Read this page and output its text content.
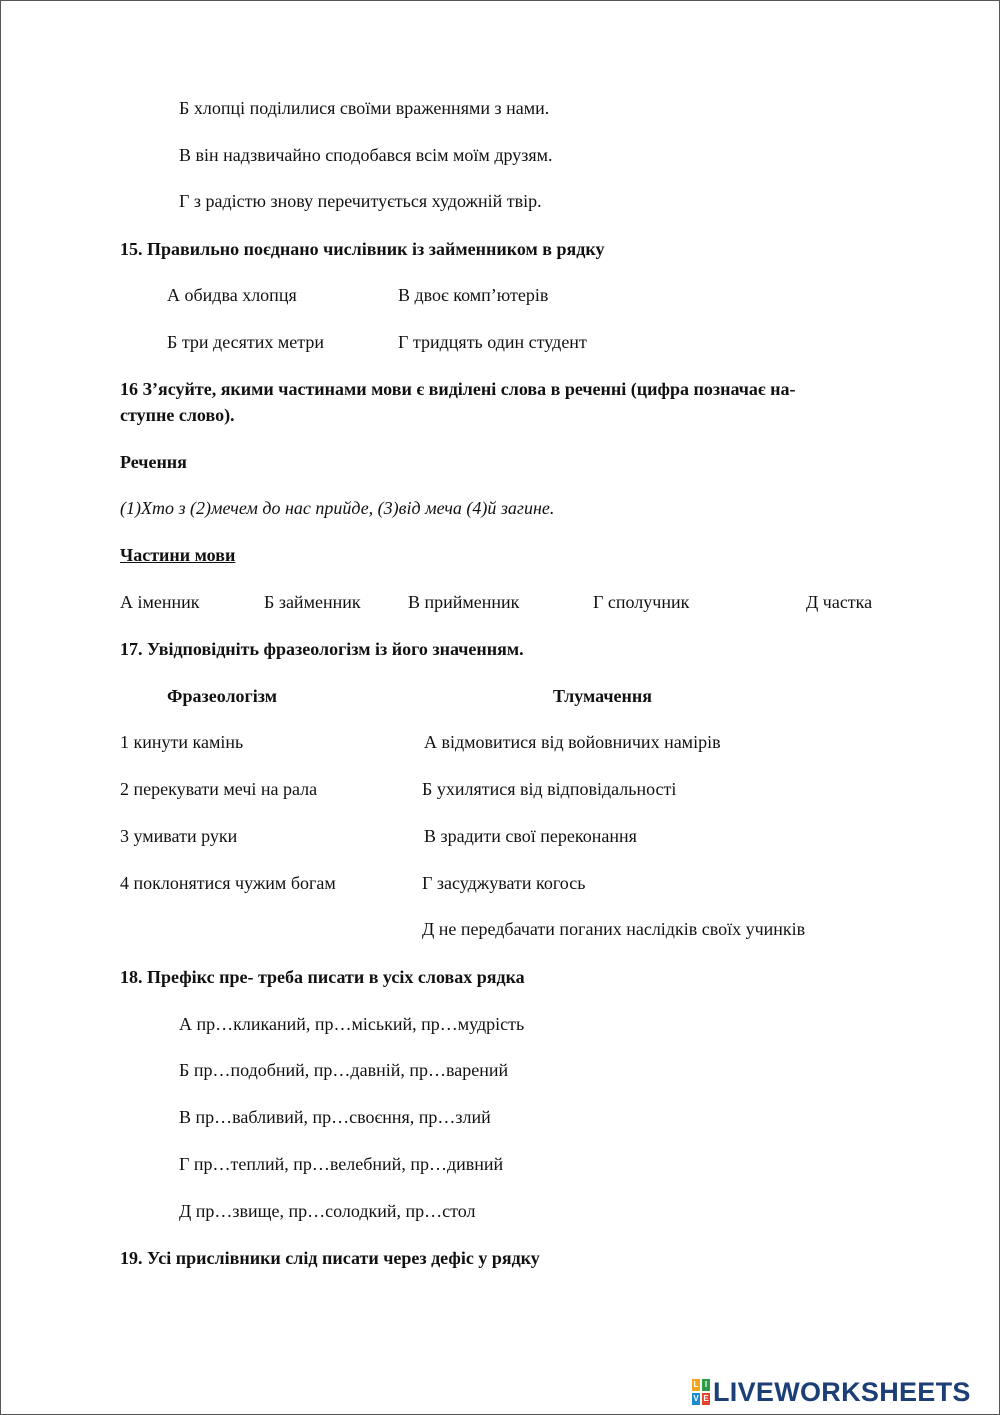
Б хлопці поділилися своїми враженнями з нами.
В він надзвичайно сподобався всім моїм друзям.
Г з радістю знову перечитується художній твір.
15. Правильно поєднано числівник із займенником в рядку
А обидва хлопця	В двоє комп’ютерів
Б три десятих метри	Г тридцять один студент
16 З’ясуйте, якими частинами мови є виділені слова в реченні (цифра позначає на-
ступне слово).
Речення
(1)Хто з (2)мечем до нас прийде, (3)від меча (4)й загине.
Частини мови
А іменник	Б займенник	В прийменник	Г сполучник	Д частка
17. Увідповідніть фразеологізм із його значенням.
Фразеологізм	Тлумачення
1 кинути камінь	А відмовитися від войовничих намірів
2 перекувати мечі на рала	Б ухилятися від відповідальності
3 умивати руки	В зрадити свої переконання
4 поклонятися чужим богам	Г засуджувати когось
Д не передбачати поганих наслідків своїх учинків
18. Префікс пре- треба писати в усіх словах рядка
А пр…кликаний, пр…міський, пр…мудрість
Б пр…подобний, пр…давній, пр…варений
В пр…вабливий, пр…своєння, пр…злий
Г пр…теплий, пр…велебний, пр…дивний
Д пр…звище, пр…солодкий, пр…стол
19. Усі прислівники слід писати через дефіс у рядку
L I
V E LIVEWORKSHEETS
